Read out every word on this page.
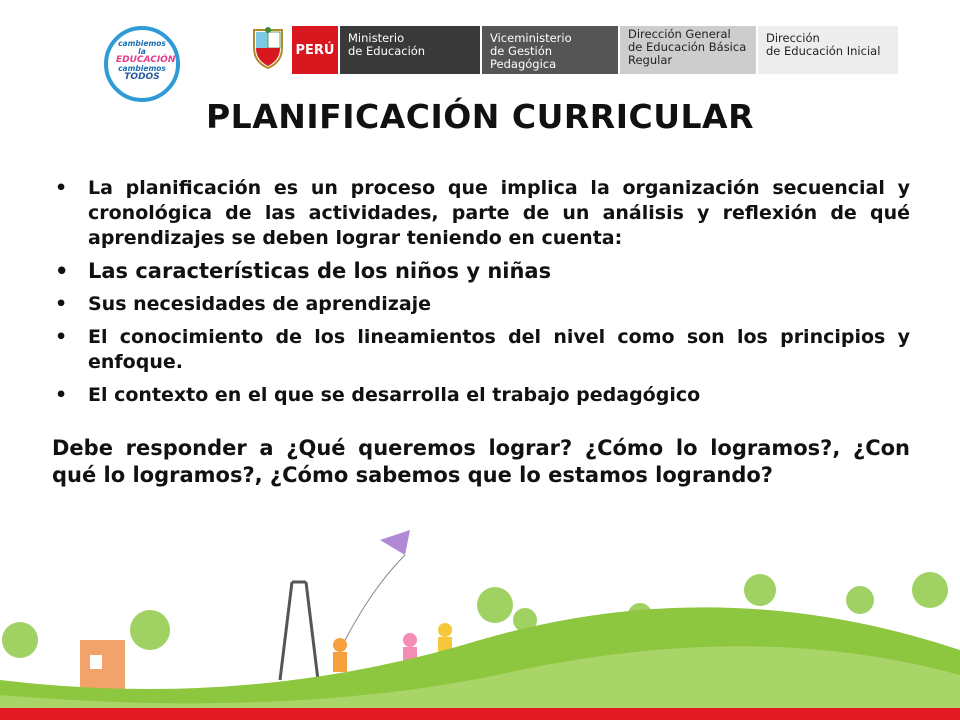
cambiemos la
EDUCACIÓN
cambiemos
TODOS
PERÚ
Ministerio
de Educación
Viceministerio
de Gestión Pedagógica
Dirección General
de Educación Básica
Regular
Dirección
de Educación Inicial
PLANIFICACIÓN CURRICULAR
• La planificación es un proceso que implica la organización secuencial y cronológica de las actividades, parte de un análisis y reflexión de qué aprendizajes se deben lograr teniendo en cuenta:
• Las características de los niños y niñas
• Sus necesidades de aprendizaje
• El conocimiento de los lineamientos del nivel como son los principios y enfoque.
• El contexto en el que se desarrolla el trabajo pedagógico
Debe responder a ¿Qué queremos lograr? ¿Cómo lo logramos?, ¿Con qué lo logramos?, ¿Cómo sabemos que lo estamos logrando?
